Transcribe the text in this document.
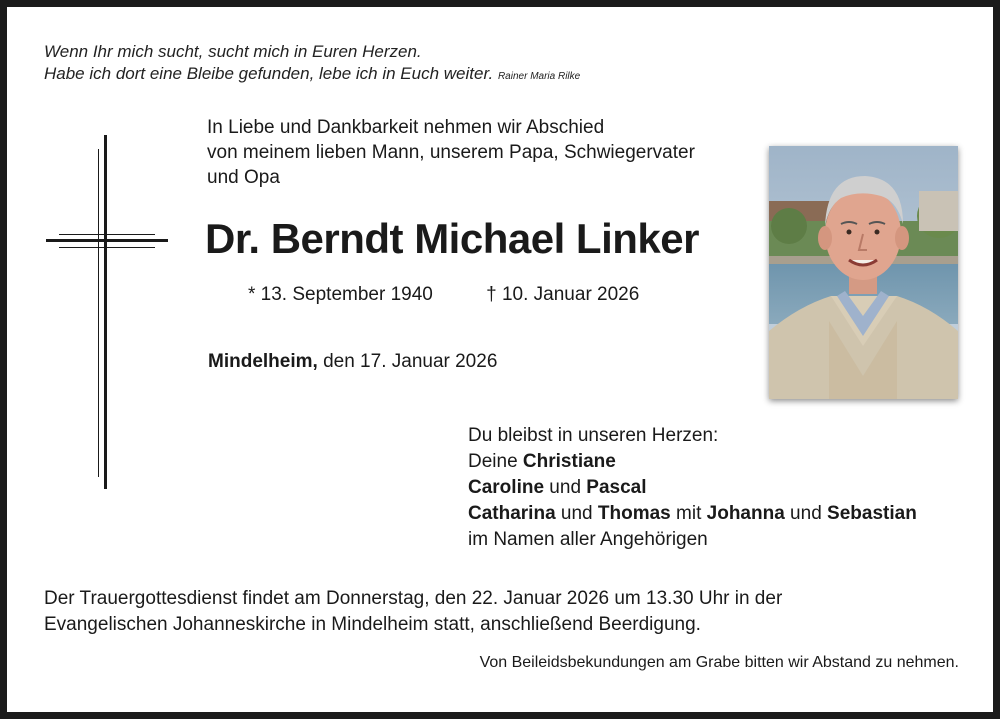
Wenn Ihr mich sucht, sucht mich in Euren Herzen.
Habe ich dort eine Bleibe gefunden, lebe ich in Euch weiter. Rainer Maria Rilke
In Liebe und Dankbarkeit nehmen wir Abschied
von meinem lieben Mann, unserem Papa, Schwiegervater
und Opa
Dr. Berndt Michael Linker
* 13. September 1940	† 10. Januar 2026
Mindelheim, den 17. Januar 2026
Du bleibst in unseren Herzen:
Deine Christiane
Caroline und Pascal
Catharina und Thomas mit Johanna und Sebastian
im Namen aller Angehörigen
Der Trauergottesdienst findet am Donnerstag, den 22. Januar 2026 um 13.30 Uhr in der
Evangelischen Johanneskirche in Mindelheim statt, anschließend Beerdigung.
Von Beileidsbekundungen am Grabe bitten wir Abstand zu nehmen.
